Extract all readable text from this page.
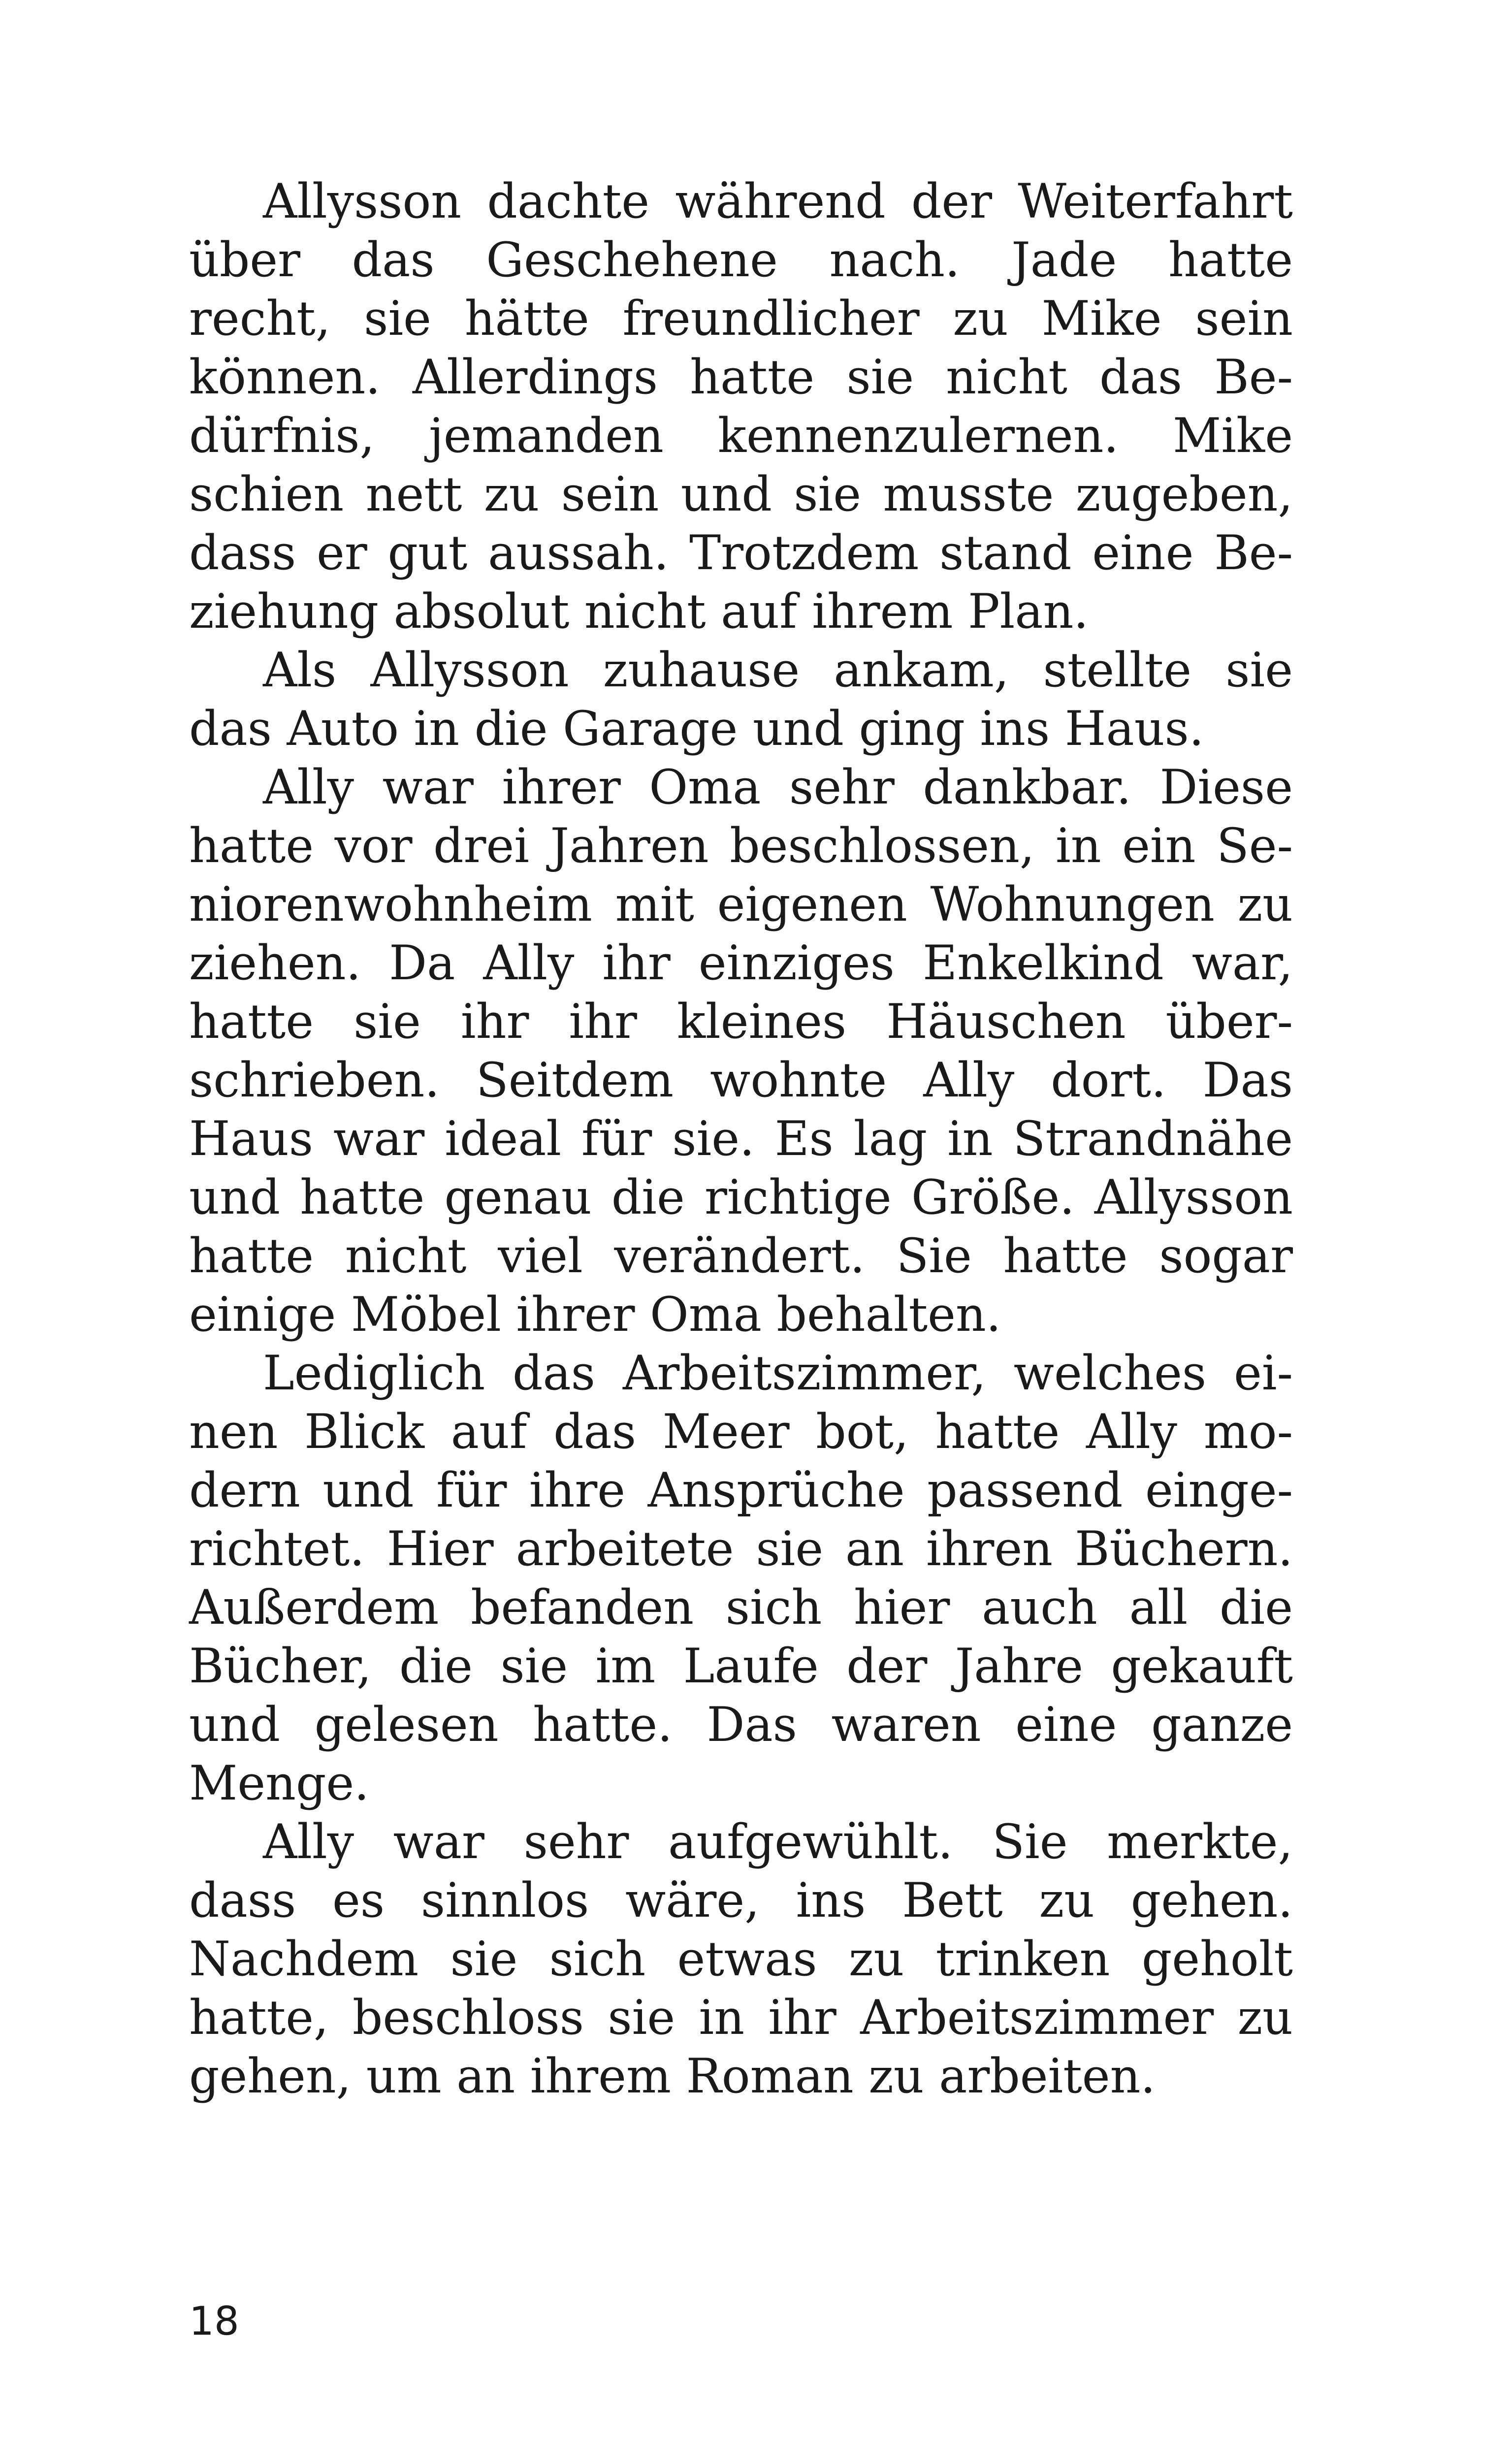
Allysson dachte während der Weiterfahrt
über das Geschehene nach. Jade hatte
recht, sie hätte freundlicher zu Mike sein
können. Allerdings hatte sie nicht das Be-
dürfnis, jemanden kennenzulernen. Mike
schien nett zu sein und sie musste zugeben,
dass er gut aussah. Trotzdem stand eine Be-
ziehung absolut nicht auf ihrem Plan.
Als Allysson zuhause ankam, stellte sie
das Auto in die Garage und ging ins Haus.
Ally war ihrer Oma sehr dankbar. Diese
hatte vor drei Jahren beschlossen, in ein Se-
niorenwohnheim mit eigenen Wohnungen zu
ziehen. Da Ally ihr einziges Enkelkind war,
hatte sie ihr ihr kleines Häuschen über-
schrieben. Seitdem wohnte Ally dort. Das
Haus war ideal für sie. Es lag in Strandnähe
und hatte genau die richtige Größe. Allysson
hatte nicht viel verändert. Sie hatte sogar
einige Möbel ihrer Oma behalten.
Lediglich das Arbeitszimmer, welches ei-
nen Blick auf das Meer bot, hatte Ally mo-
dern und für ihre Ansprüche passend einge-
richtet. Hier arbeitete sie an ihren Büchern.
Außerdem befanden sich hier auch all die
Bücher, die sie im Laufe der Jahre gekauft
und gelesen hatte. Das waren eine ganze
Menge.
Ally war sehr aufgewühlt. Sie merkte,
dass es sinnlos wäre, ins Bett zu gehen.
Nachdem sie sich etwas zu trinken geholt
hatte, beschloss sie in ihr Arbeitszimmer zu
gehen, um an ihrem Roman zu arbeiten.
18
